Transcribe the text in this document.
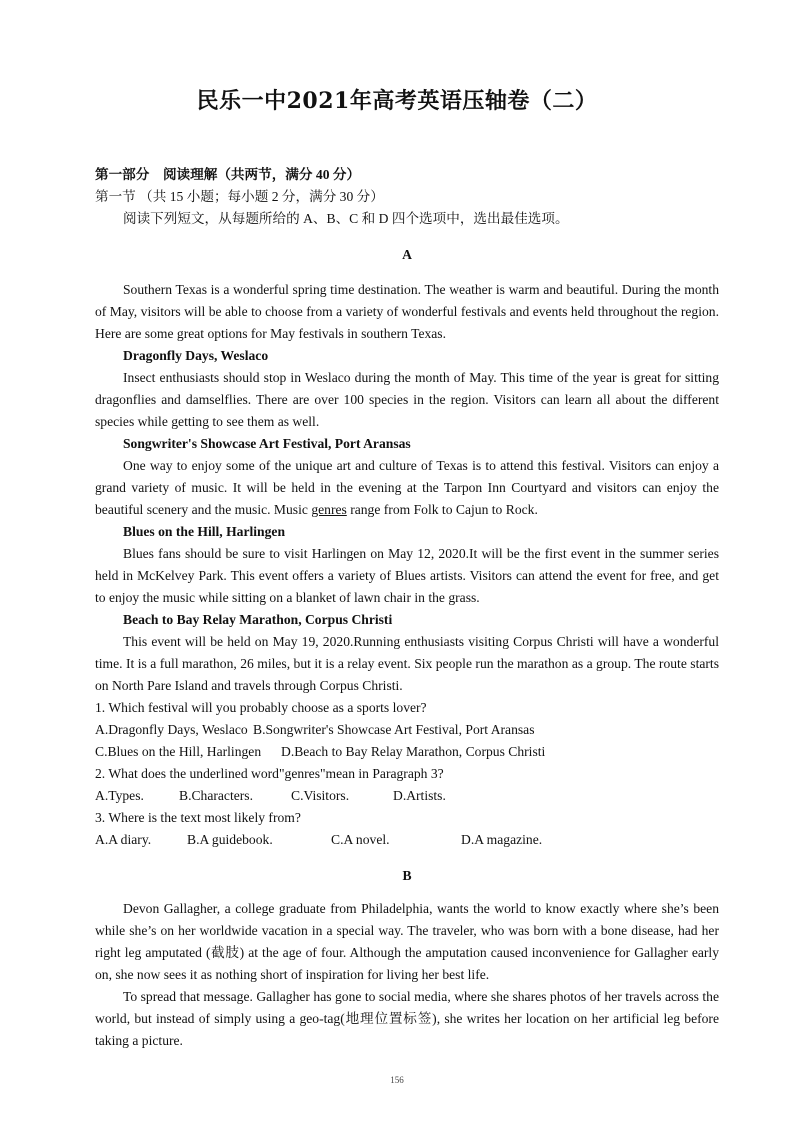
民乐一中2021年高考英语压轴卷（二）

第一部分　阅读理解（共两节，满分 40 分）

第一节 （共 15 小题；每小题 2 分，满分 30 分）

阅读下列短文，从每题所给的 A、B、C 和 D 四个选项中，选出最佳选项。

A

Southern Texas is a wonderful spring time destination. The weather is warm and beautiful. During the month of May, visitors will be able to choose from a variety of wonderful festivals and events held throughout the region. Here are some great options for May festivals in southern Texas.

Dragonfly Days, Weslaco

Insect enthusiasts should stop in Weslaco during the month of May. This time of the year is great for sitting dragonflies and damselflies. There are over 100 species in the region. Visitors can learn all about the different species while getting to see them as well.

Songwriter's Showcase Art Festival, Port Aransas

One way to enjoy some of the unique art and culture of Texas is to attend this festival. Visitors can enjoy a grand variety of music. It will be held in the evening at the Tarpon Inn Courtyard and visitors can enjoy the beautiful scenery and the music. Music genres range from Folk to Cajun to Rock.

Blues on the Hill, Harlingen

Blues fans should be sure to visit Harlingen on May 12, 2020.It will be the first event in the summer series held in McKelvey Park. This event offers a variety of Blues artists. Visitors can attend the event for free, and get to enjoy the music while sitting on a blanket of lawn chair in the grass.

Beach to Bay Relay Marathon, Corpus Christi

This event will be held on May 19, 2020.Running enthusiasts visiting Corpus Christi will have a wonderful time. It is a full marathon, 26 miles, but it is a relay event. Six people run the marathon as a group. The route starts on North Pare Island and travels through Corpus Christi.

1. Which festival will you probably choose as a sports lover?

A.Dragonfly Days, Weslaco B.Songwriter's Showcase Art Festival, Port Aransas

C.Blues on the Hill, Harlingen D.Beach to Bay Relay Marathon, Corpus Christi

2. What does the underlined word"genres"mean in Paragraph 3?

A.Types.	B.Characters.	C.Visitors.	D.Artists.

3. Where is the text most likely from?

A.A diary.	B.A guidebook.	C.A novel.	D.A magazine.

B

Devon Gallagher, a college graduate from Philadelphia, wants the world to know exactly where she’s been while she’s on her worldwide vacation in a special way. The traveler, who was born with a bone disease, had her right leg amputated (截肢) at the age of four. Although the amputation caused inconvenience for Gallagher early on, she now sees it as nothing short of inspiration for living her best life.

To spread that message. Gallagher has gone to social media, where she shares photos of her travels across the world, but instead of simply using a geo-tag(地理位置标签), she writes her location on her artificial leg before taking a picture.

156
